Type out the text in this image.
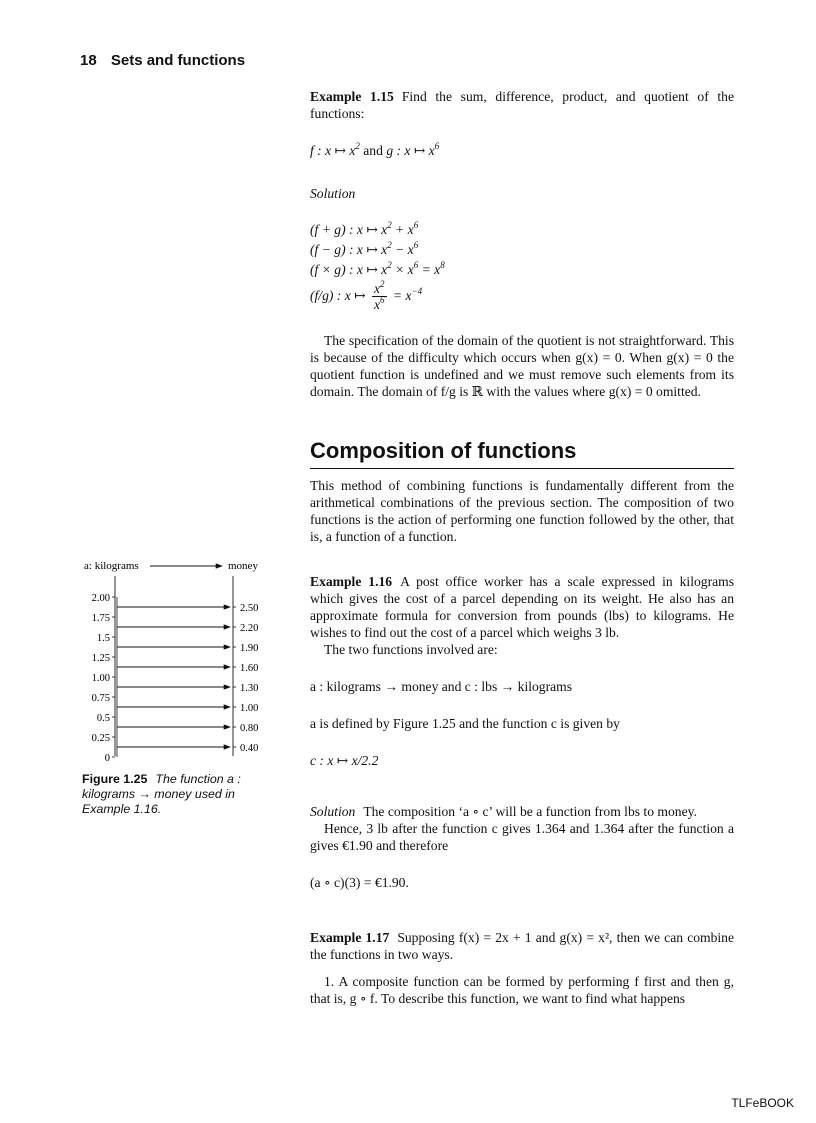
18 Sets and functions

Example 1.15 Find the sum, difference, product, and quotient of the functions:

f : x ↦ $x^2$ and g : x ↦ $x^6$

Solution

(f + g) : x ↦ $x^2 + x^6$
(f − g) : x ↦ $x^2 - x^6$
(f × g) : x ↦ $x^2 \times x^6 = x^8$
(f/g) : x ↦ $\frac{x^2}{x^6} = x^{-4}$

The specification of the domain of the quotient is not straightforward. This is because of the difficulty which occurs when g(x) = 0. When g(x) = 0 the quotient function is undefined and we must remove such elements from its domain. The domain of f/g is ℝ with the values where g(x) = 0 omitted.

Composition of functions

This method of combining functions is fundamentally different from the arithmetical combinations of the previous section. The composition of two functions is the action of performing one function followed by the other, that is, a function of a function.

Example 1.16 A post office worker has a scale expressed in kilograms which gives the cost of a parcel depending on its weight. He also has an approximate formula for conversion from pounds (lbs) to kilograms. He wishes to find out the cost of a parcel which weighs 3 lb.

The two functions involved are:

a : kilograms → money and c : lbs → kilograms

a is defined by Figure 1.25 and the function c is given by

c : x ↦ x/2.2

Solution The composition ‘a ∘ c’ will be a function from lbs to money.

Hence, 3 lb after the function c gives 1.364 and 1.364 after the function a gives €1.90 and therefore

(a ∘ c)(3) = €1.90.

Example 1.17 Supposing f(x) = 2x + 1 and g(x) = x², then we can combine the functions in two ways.

1. A composite function can be formed by performing f first and then g, that is, g ∘ f. To describe this function, we want to find what happens

a: kilograms	money
2.00
1.75
1.5
1.25
1.00
0.75
0.5
0.25
0
2.50
2.20
1.90
1.60
1.30
1.00
0.80
0.40
Figure 1.25 The function a : kilograms → money used in Example 1.16.
TLFeBOOK
